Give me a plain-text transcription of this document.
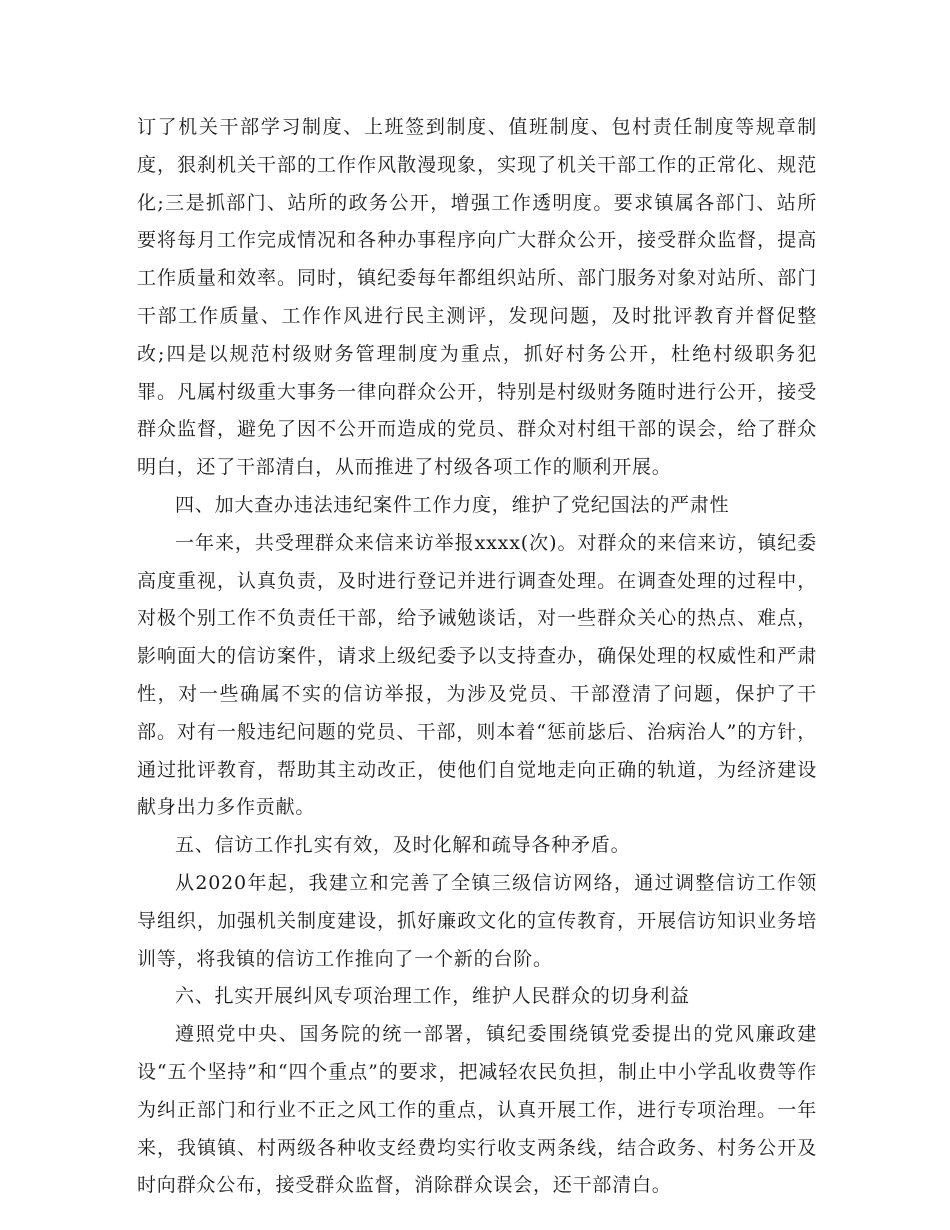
订了机关干部学习制度、上班签到制度、值班制度、包村责任制度等规章制度，狠刹机关干部的工作作风散漫现象，实现了机关干部工作的正常化、规范化;三是抓部门、站所的政务公开，增强工作透明度。要求镇属各部门、站所要将每月工作完成情况和各种办事程序向广大群众公开，接受群众监督，提高工作质量和效率。同时，镇纪委每年都组织站所、部门服务对象对站所、部门干部工作质量、工作作风进行民主测评，发现问题，及时批评教育并督促整改;四是以规范村级财务管理制度为重点，抓好村务公开，杜绝村级职务犯罪。凡属村级重大事务一律向群众公开，特别是村级财务随时进行公开，接受群众监督，避免了因不公开而造成的党员、群众对村组干部的误会，给了群众明白，还了干部清白，从而推进了村级各项工作的顺利开展。

四、加大查办违法违纪案件工作力度，维护了党纪国法的严肃性

一年来，共受理群众来信来访举报xxxx(次)。对群众的来信来访，镇纪委高度重视，认真负责，及时进行登记并进行调查处理。在调查处理的过程中，对极个别工作不负责任干部，给予诫勉谈话，对一些群众关心的热点、难点，影响面大的信访案件，请求上级纪委予以支持查办，确保处理的权威性和严肃性，对一些确属不实的信访举报，为涉及党员、干部澄清了问题，保护了干部。对有一般违纪问题的党员、干部，则本着“惩前毖后、治病治人”的方针，通过批评教育，帮助其主动改正，使他们自觉地走向正确的轨道，为经济建设献身出力多作贡献。

五、信访工作扎实有效，及时化解和疏导各种矛盾。

从2020年起，我建立和完善了全镇三级信访网络，通过调整信访工作领导组织，加强机关制度建设，抓好廉政文化的宣传教育，开展信访知识业务培训等，将我镇的信访工作推向了一个新的台阶。

六、扎实开展纠风专项治理工作，维护人民群众的切身利益

遵照党中央、国务院的统一部署，镇纪委围绕镇党委提出的党风廉政建设“五个坚持”和“四个重点”的要求，把减轻农民负担，制止中小学乱收费等作为纠正部门和行业不正之风工作的重点，认真开展工作，进行专项治理。一年来，我镇镇、村两级各种收支经费均实行收支两条线，结合政务、村务公开及时向群众公布，接受群众监督，消除群众误会，还干部清白。
